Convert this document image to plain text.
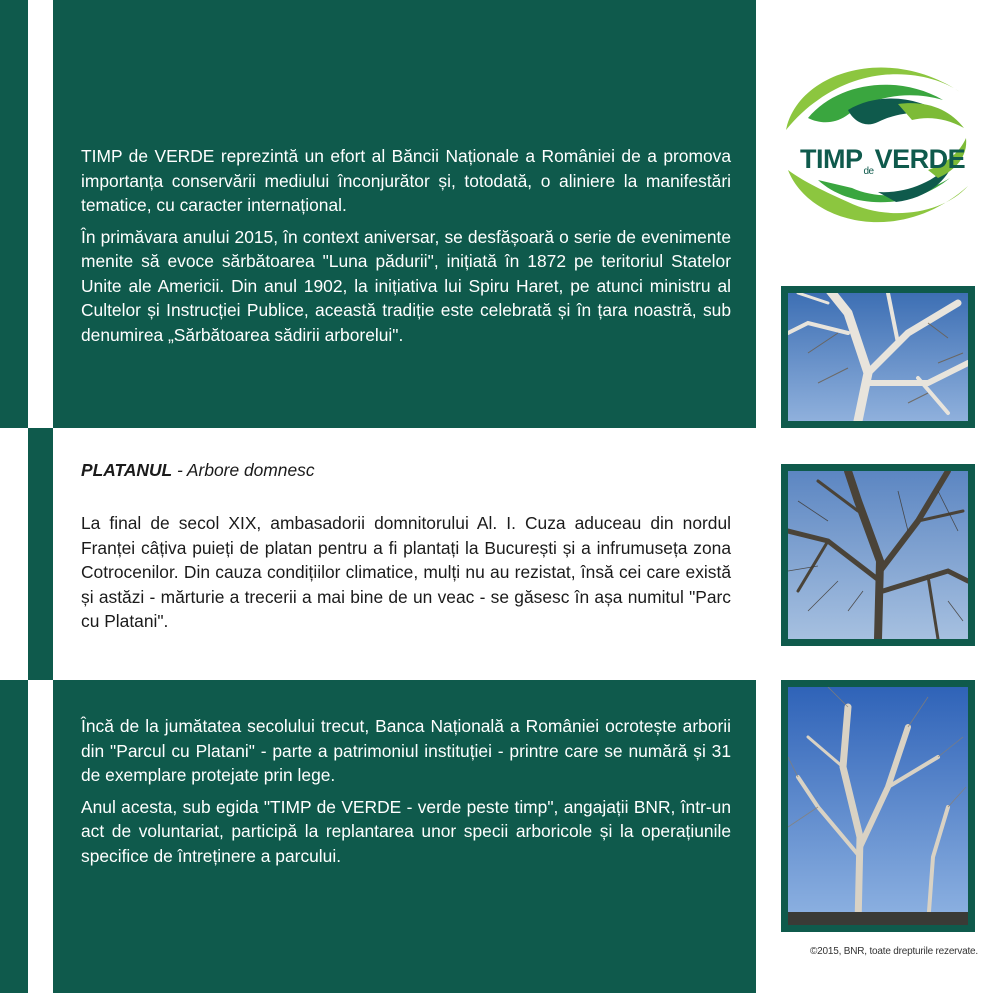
TIMP de VERDE reprezintă un efort al Băncii Naționale a României de a promova importanța conservării mediului înconjurător și, totodată, o aliniere la manifestări tematice, cu caracter internațional.

În primăvara anului 2015, în context aniversar, se desfășoară o serie de evenimente menite să evoce sărbătoarea "Luna pădurii", inițiată în 1872 pe teritoriul Statelor Unite ale Americii. Din anul 1902, la inițiativa lui Spiru Haret, pe atunci ministru al Cultelor și Instrucției Publice, această tradiție este celebrată și în țara noastră, sub denumirea „Sărbătoarea sădirii arborelui".

PLATANUL - Arbore domnesc
La final de secol XIX, ambasadorii domnitorului Al. I. Cuza aduceau din nordul Franței câțiva puieți de platan pentru a fi plantați la București și a infrumuseța zona Cotrocenilor. Din cauza condițiilor climatice, mulți nu au rezistat, însă cei care există și astăzi - mărturie a trecerii a mai bine de un veac - se găsesc în așa numitul "Parc cu Platani".

Încă de la jumătatea secolului trecut, Banca Națională a României ocrotește arborii din "Parcul cu Platani" - parte a patrimoniul instituției - printre care se numără și 31 de exemplare protejate prin lege.

Anul acesta, sub egida "TIMP de VERDE - verde peste timp", angajații BNR, într-un act de voluntariat, participă la replantarea unor specii arboricole și la operațiunile specifice de întreținere a parcului.

$TIMP_{de}VERDE$
©2015, BNR, toate drepturile rezervate.
